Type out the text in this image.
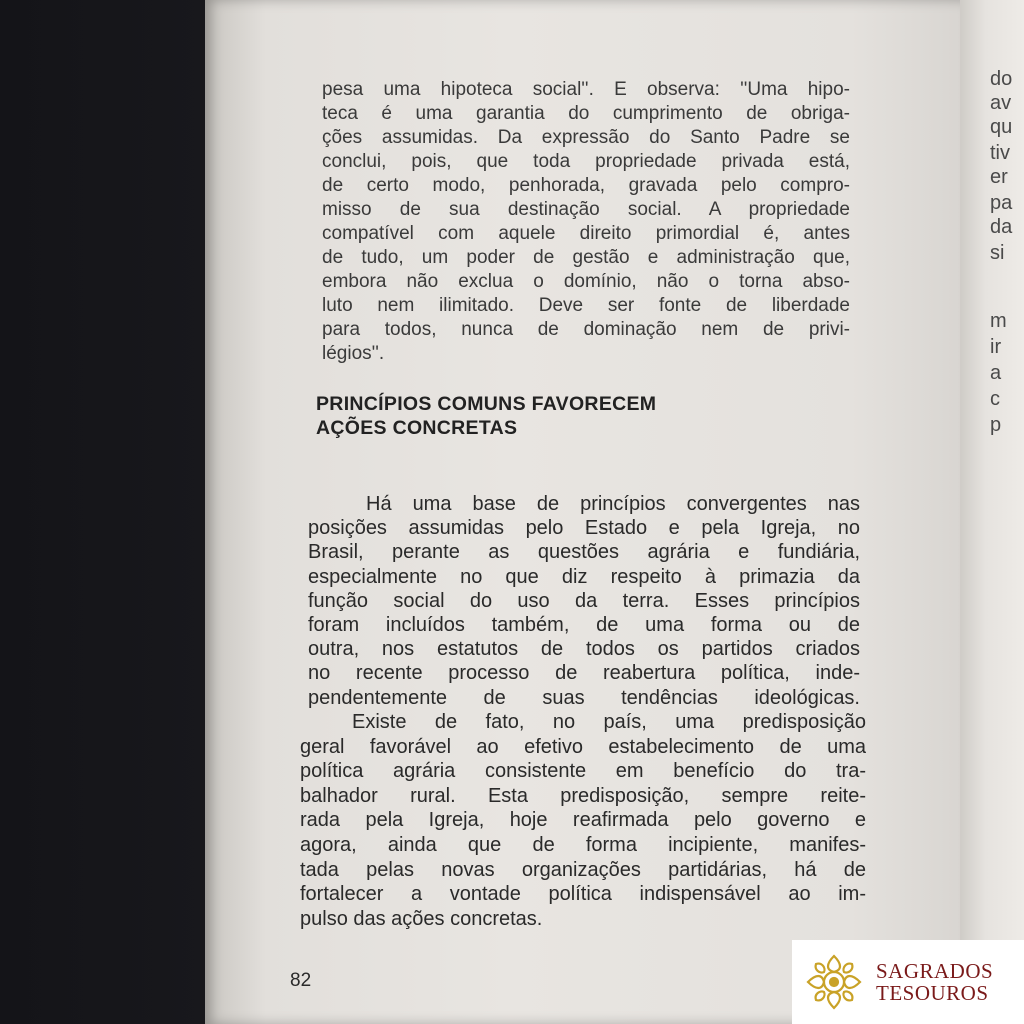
do
av
qu
tiv
er
pa
da
si
m
ir
a
c
p
pesa uma hipoteca social''. E observa: ''Uma hipo-
teca é uma garantia do cumprimento de obriga-
ções assumidas. Da expressão do Santo Padre se
conclui, pois, que toda propriedade privada está,
de certo modo, penhorada, gravada pelo compro-
misso de sua destinação social. A propriedade
compatível com aquele direito primordial é, antes
de tudo, um poder de gestão e administração que,
embora não exclua o domínio, não o torna abso-
luto nem ilimitado. Deve ser fonte de liberdade
para todos, nunca de dominação nem de privi-
légios''.
PRINCÍPIOS COMUNS FAVORECEM
AÇÕES CONCRETAS
Há uma base de princípios convergentes nas
posições assumidas pelo Estado e pela Igreja, no
Brasil, perante as questões agrária e fundiária,
especialmente no que diz respeito à primazia da
função social do uso da terra. Esses princípios
foram incluídos também, de uma forma ou de
outra, nos estatutos de todos os partidos criados
no recente processo de reabertura política, inde-
pendentemente de suas tendências ideológicas.
Existe de fato, no país, uma predisposição
geral favorável ao efetivo estabelecimento de uma
política agrária consistente em benefício do tra-
balhador rural. Esta predisposição, sempre reite-
rada pela Igreja, hoje reafirmada pelo governo e
agora, ainda que de forma incipiente, manifes-
tada pelas novas organizações partidárias, há de
fortalecer a vontade política indispensável ao im-
pulso das ações concretas.
82	SAGRADOS
TESOUROS
